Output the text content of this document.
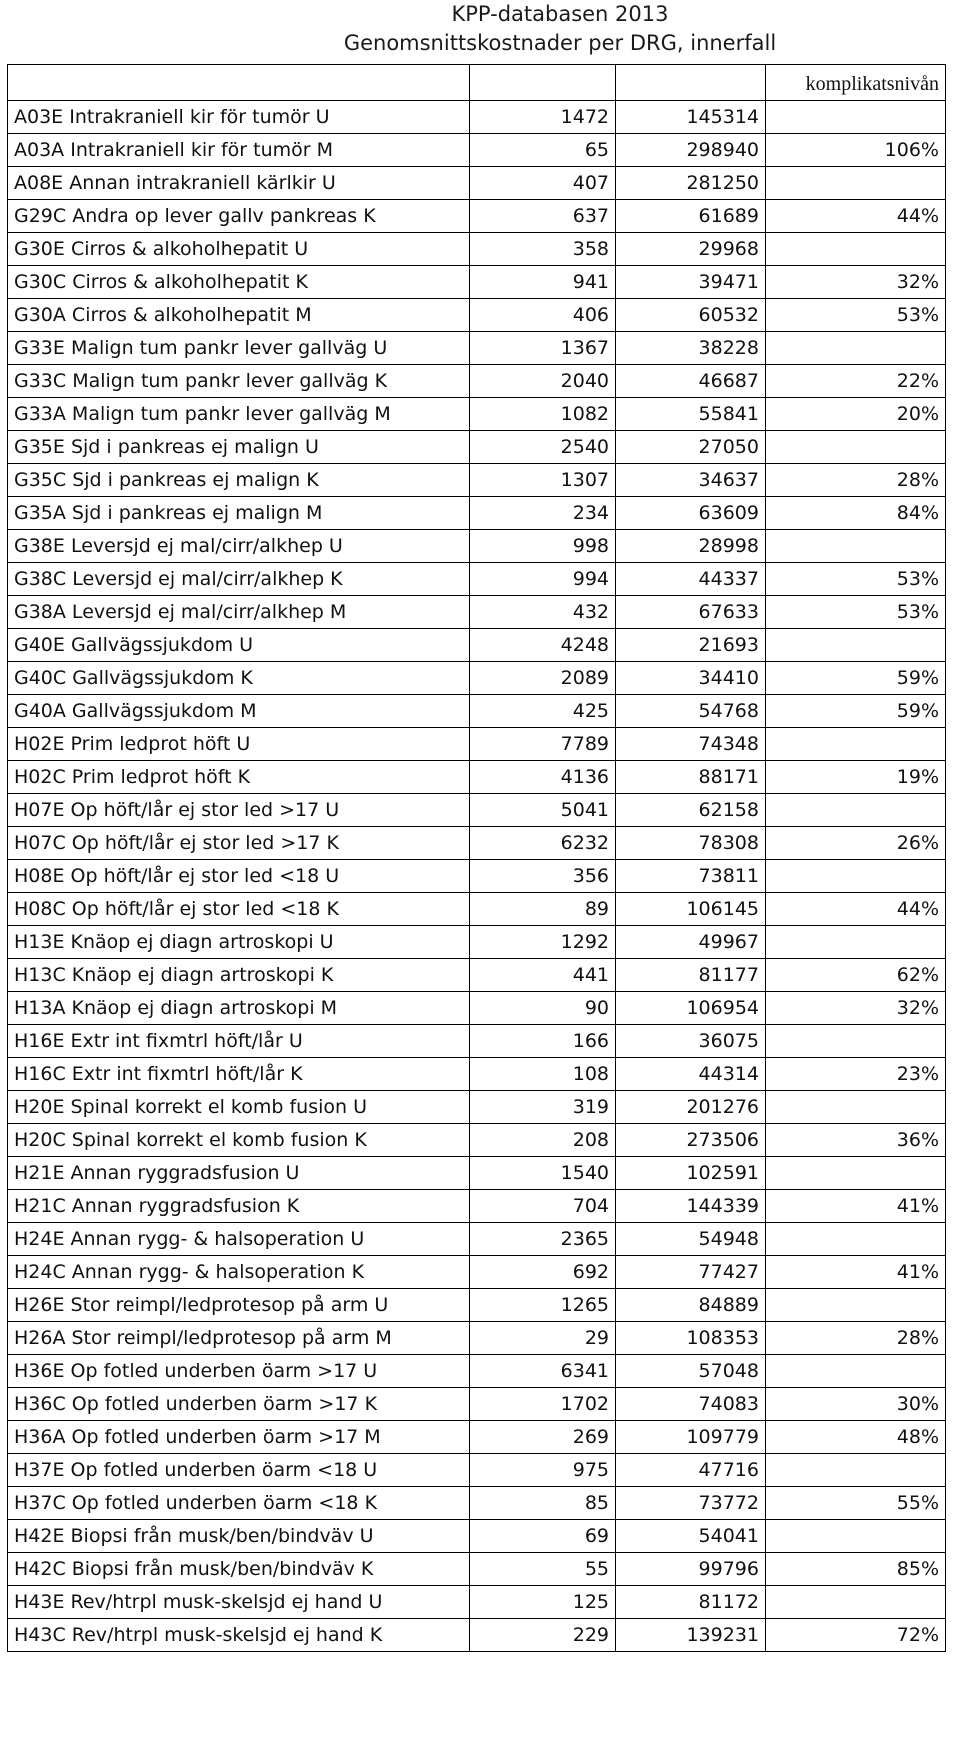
KPP-databasen 2013
Genomsnittskostnader per DRG, innerfall
			komplikatsnivån
A03E Intrakraniell kir för tumör U	1472	145314	
A03A Intrakraniell kir för tumör M	65	298940	106%
A08E Annan intrakraniell kärlkir U	407	281250	
G29C Andra op lever gallv pankreas K	637	61689	44%
G30E Cirros & alkoholhepatit U	358	29968	
G30C Cirros & alkoholhepatit K	941	39471	32%
G30A Cirros & alkoholhepatit M	406	60532	53%
G33E Malign tum pankr lever gallväg U	1367	38228	
G33C Malign tum pankr lever gallväg K	2040	46687	22%
G33A Malign tum pankr lever gallväg M	1082	55841	20%
G35E Sjd i pankreas ej malign U	2540	27050	
G35C Sjd i pankreas ej malign K	1307	34637	28%
G35A Sjd i pankreas ej malign M	234	63609	84%
G38E Leversjd ej mal/cirr/alkhep U	998	28998	
G38C Leversjd ej mal/cirr/alkhep K	994	44337	53%
G38A Leversjd ej mal/cirr/alkhep M	432	67633	53%
G40E Gallvägssjukdom U	4248	21693	
G40C Gallvägssjukdom K	2089	34410	59%
G40A Gallvägssjukdom M	425	54768	59%
H02E Prim ledprot höft U	7789	74348	
H02C Prim ledprot höft K	4136	88171	19%
H07E Op höft/lår ej stor led >17 U	5041	62158	
H07C Op höft/lår ej stor led >17 K	6232	78308	26%
H08E Op höft/lår ej stor led <18 U	356	73811	
H08C Op höft/lår ej stor led <18 K	89	106145	44%
H13E Knäop ej diagn artroskopi U	1292	49967	
H13C Knäop ej diagn artroskopi K	441	81177	62%
H13A Knäop ej diagn artroskopi M	90	106954	32%
H16E Extr int fixmtrl höft/lår U	166	36075	
H16C Extr int fixmtrl höft/lår K	108	44314	23%
H20E Spinal korrekt el komb fusion U	319	201276	
H20C Spinal korrekt el komb fusion K	208	273506	36%
H21E Annan ryggradsfusion U	1540	102591	
H21C Annan ryggradsfusion K	704	144339	41%
H24E Annan rygg- & halsoperation U	2365	54948	
H24C Annan rygg- & halsoperation K	692	77427	41%
H26E Stor reimpl/ledprotesop på arm U	1265	84889	
H26A Stor reimpl/ledprotesop på arm M	29	108353	28%
H36E Op fotled underben öarm >17 U	6341	57048	
H36C Op fotled underben öarm >17 K	1702	74083	30%
H36A Op fotled underben öarm >17 M	269	109779	48%
H37E Op fotled underben öarm <18 U	975	47716	
H37C Op fotled underben öarm <18 K	85	73772	55%
H42E Biopsi från musk/ben/bindväv U	69	54041	
H42C Biopsi från musk/ben/bindväv K	55	99796	85%
H43E Rev/htrpl musk-skelsjd ej hand U	125	81172	
H43C Rev/htrpl musk-skelsjd ej hand K	229	139231	72%
